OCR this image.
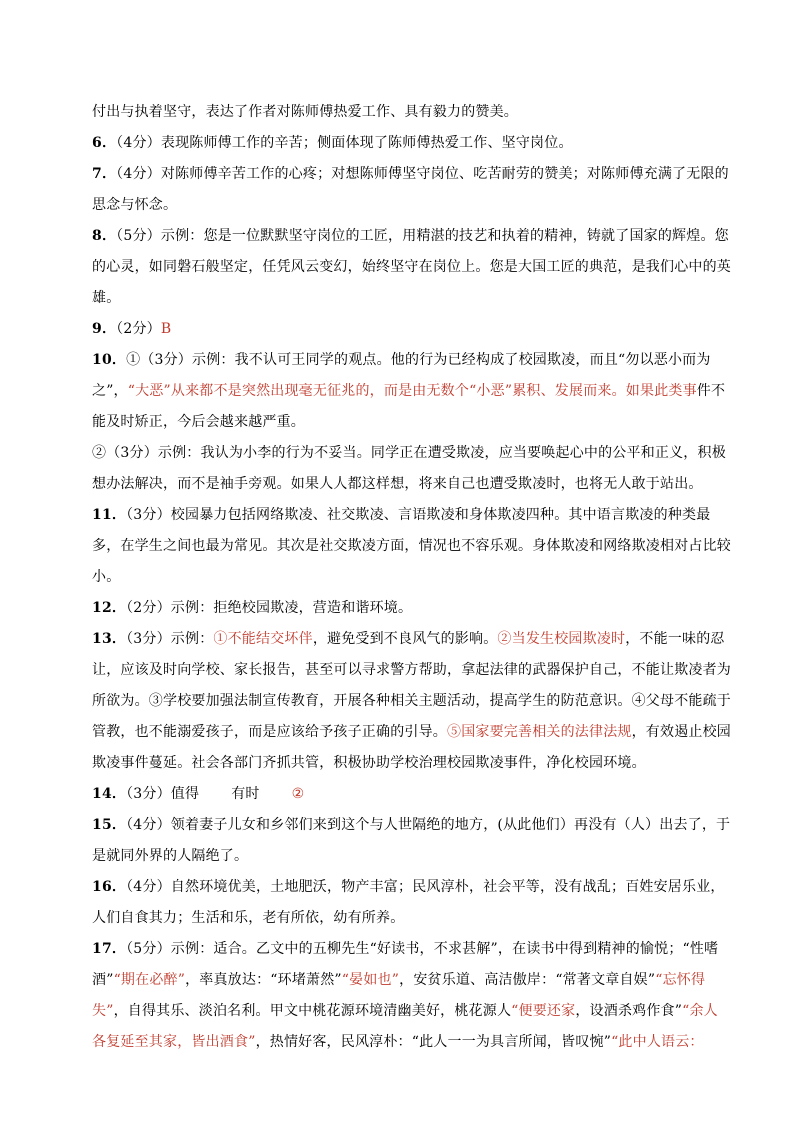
付出与执着坚守，表达了作者对陈师傅热爱工作、具有毅力的赞美。

6．（4分）表现陈师傅工作的辛苦；侧面体现了陈师傅热爱工作、坚守岗位。

7．（4分）对陈师傅辛苦工作的心疼；对想陈师傅坚守岗位、吃苦耐劳的赞美；对陈师傅充满了无限的思念与怀念。

8．（5分）示例：您是一位默默坚守岗位的工匠，用精湛的技艺和执着的精神，铸就了国家的辉煌。您的心灵，如同磐石般坚定，任凭风云变幻，始终坚守在岗位上。您是大国工匠的典范，是我们心中的英雄。

9．（2分）B

10．①（3分）示例：我不认可王同学的观点。他的行为已经构成了校园欺凌，而且“勿以恶小而为之”，“大恶”从来都不是突然出现毫无征兆的，而是由无数个“小恶”累积、发展而来。如果此类事件不能及时矫正，今后会越来越严重。

②（3分）示例：我认为小李的行为不妥当。同学正在遭受欺凌，应当要唤起心中的公平和正义，积极想办法解决，而不是袖手旁观。如果人人都这样想，将来自己也遭受欺凌时，也将无人敢于站出。

11．（3分）校园暴力包括网络欺凌、社交欺凌、言语欺凌和身体欺凌四种。其中语言欺凌的种类最多，在学生之间也最为常见。其次是社交欺凌方面，情况也不容乐观。身体欺凌和网络欺凌相对占比较小。

12．（2分）示例：拒绝校园欺凌，营造和谐环境。

13．（3分）示例：①不能结交坏伴，避免受到不良风气的影响。②当发生校园欺凌时，不能一味的忍让，应该及时向学校、家长报告，甚至可以寻求警方帮助，拿起法律的武器保护自己，不能让欺凌者为所欲为。③学校要加强法制宣传教育，开展各种相关主题活动，提高学生的防范意识。④父母不能疏于管教，也不能溺爱孩子，而是应该给予孩子正确的引导。⑤国家要完善相关的法律法规，有效遏止校园欺凌事件蔓延。社会各部门齐抓共管，积极协助学校治理校园欺凌事件，净化校园环境。

14．（3分）值得 有时 ②

15．（4分）领着妻子儿女和乡邻们来到这个与人世隔绝的地方，(从此他们）再没有（人）出去了，于是就同外界的人隔绝了。

16．（4分）自然环境优美，土地肥沃，物产丰富；民风淳朴，社会平等，没有战乱；百姓安居乐业，人们自食其力；生活和乐，老有所依，幼有所养。

17．（5分）示例：适合。乙文中的五柳先生“好读书，不求甚解”，在读书中得到精神的愉悦；“性嗜酒”“期在必醉”，率真放达：“环堵萧然”“晏如也”，安贫乐道、高洁傲岸：“常著文章自娱”“忘怀得失”，自得其乐、淡泊名利。甲文中桃花源环境清幽美好，桃花源人“便要还家，设酒杀鸡作食”“余人各复延至其家，皆出酒食”，热情好客，民风淳朴：“此人一一为具言所闻，皆叹惋”“此中人语云：
